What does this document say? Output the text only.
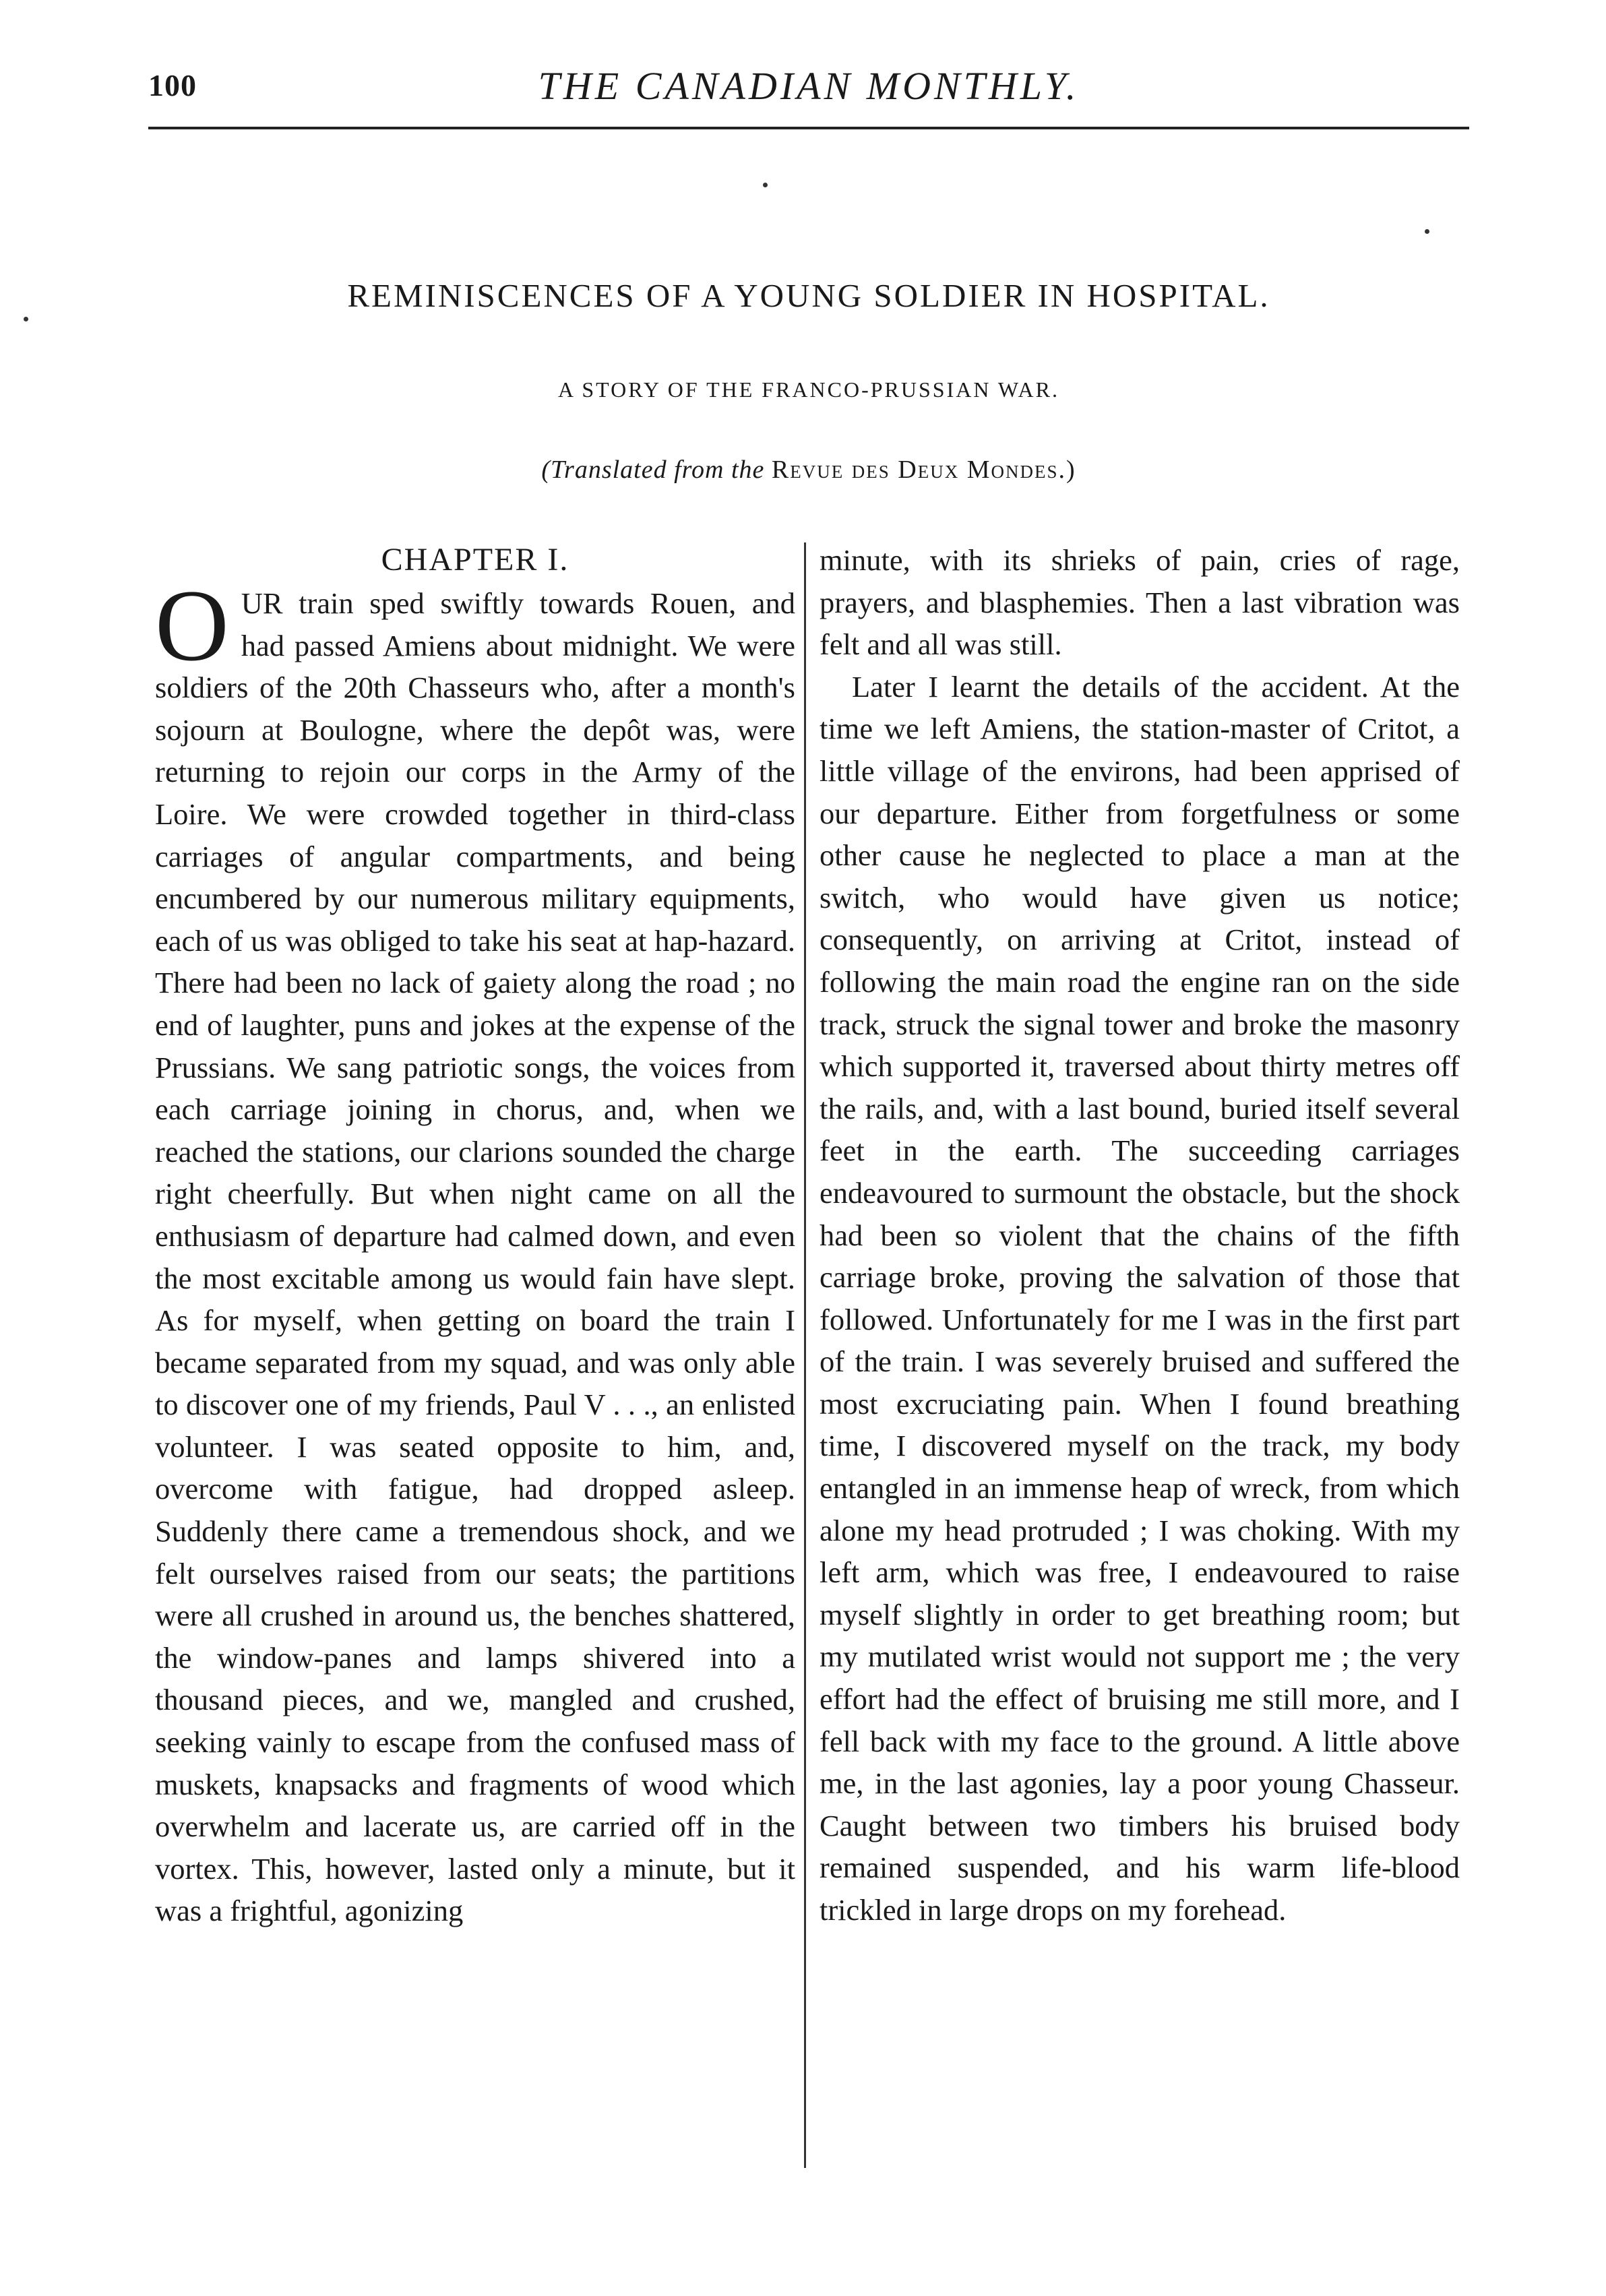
100	THE CANADIAN MONTHLY.
REMINISCENCES OF A YOUNG SOLDIER IN HOSPITAL.
A STORY OF THE FRANCO-PRUSSIAN WAR.
(Translated from the Revue des Deux Mondes.)
CHAPTER I.

O UR train sped swiftly towards Rouen, and had passed Amiens about midnight. We were soldiers of the 20th Chasseurs who, after a month's sojourn at Boulogne, where the depôt was, were returning to rejoin our corps in the Army of the Loire. We were crowded together in third-class carriages of angular compartments, and being encumbered by our numerous military equipments, each of us was obliged to take his seat at hap-hazard. There had been no lack of gaiety along the road ; no end of laughter, puns and jokes at the expense of the Prussians. We sang patriotic songs, the voices from each carriage joining in chorus, and, when we reached the stations, our clarions sounded the charge right cheerfully. But when night came on all the enthusiasm of departure had calmed down, and even the most excitable among us would fain have slept. As for myself, when getting on board the train I became separated from my squad, and was only able to discover one of my friends, Paul V . . ., an enlisted volunteer. I was seated opposite to him, and, overcome with fatigue, had dropped asleep. Suddenly there came a tremendous shock, and we felt ourselves raised from our seats; the partitions were all crushed in around us, the benches shattered, the window-panes and lamps shivered into a thousand pieces, and we, mangled and crushed, seeking vainly to escape from the confused mass of muskets, knapsacks and fragments of wood which overwhelm and lacerate us, are carried off in the vortex. This, however, lasted only a minute, but it was a frightful, agonizing

minute, with its shrieks of pain, cries of rage, prayers, and blasphemies. Then a last vibration was felt and all was still.

Later I learnt the details of the accident. At the time we left Amiens, the station-master of Critot, a little village of the environs, had been apprised of our departure. Either from forgetfulness or some other cause he neglected to place a man at the switch, who would have given us notice; consequently, on arriving at Critot, instead of following the main road the engine ran on the side track, struck the signal tower and broke the masonry which supported it, traversed about thirty metres off the rails, and, with a last bound, buried itself several feet in the earth. The succeeding carriages endeavoured to surmount the obstacle, but the shock had been so violent that the chains of the fifth carriage broke, proving the salvation of those that followed. Unfortunately for me I was in the first part of the train. I was severely bruised and suffered the most excruciating pain. When I found breathing time, I discovered myself on the track, my body entangled in an immense heap of wreck, from which alone my head protruded ; I was choking. With my left arm, which was free, I endeavoured to raise myself slightly in order to get breathing room; but my mutilated wrist would not support me ; the very effort had the effect of bruising me still more, and I fell back with my face to the ground. A little above me, in the last agonies, lay a poor young Chasseur. Caught between two timbers his bruised body remained suspended, and his warm life-blood trickled in large drops on my forehead.
